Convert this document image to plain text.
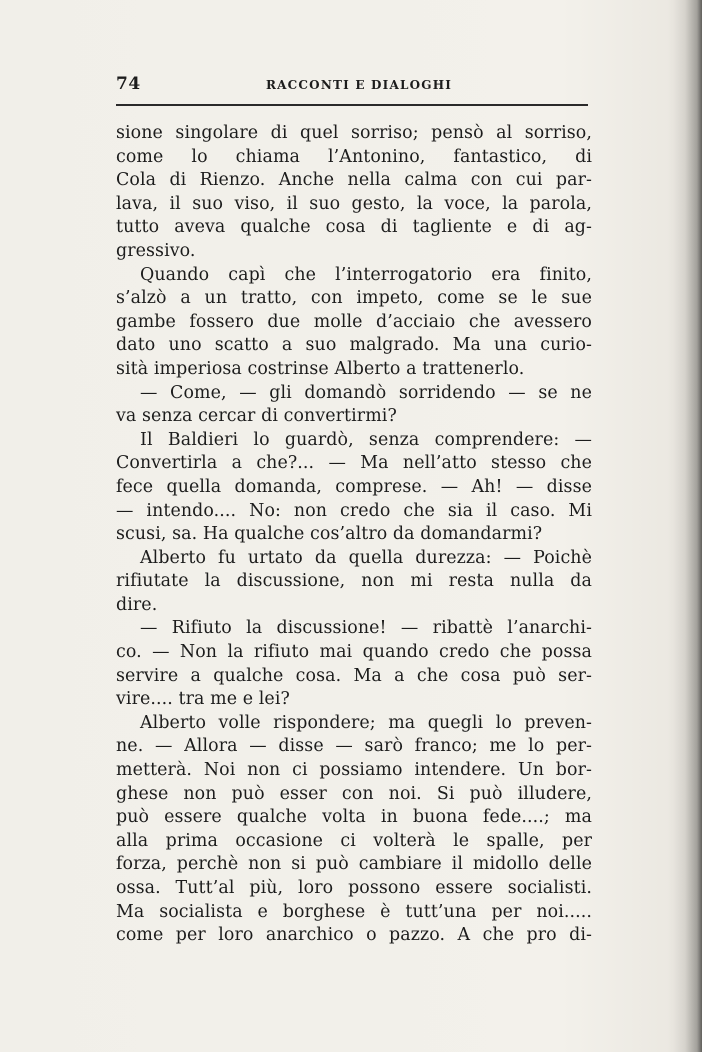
74	RACCONTI E DIALOGHI
sione singolare di quel sorriso; pensò al sorriso,
come lo chiama l’Antonino, fantastico, di
Cola di Rienzo. Anche nella calma con cui par-
lava, il suo viso, il suo gesto, la voce, la parola,
tutto aveva qualche cosa di tagliente e di ag-
gressivo.
Quando capì che l’interrogatorio era finito,
s’alzò a un tratto, con impeto, come se le sue
gambe fossero due molle d’acciaio che avessero
dato uno scatto a suo malgrado. Ma una curio-
sità imperiosa costrinse Alberto a trattenerlo.
— Come, — gli domandò sorridendo — se ne
va senza cercar di convertirmi?
Il Baldieri lo guardò, senza comprendere: —
Convertirla a che?... — Ma nell’atto stesso che
fece quella domanda, comprese. — Ah! — disse
— intendo.... No: non credo che sia il caso. Mi
scusi, sa. Ha qualche cos’altro da domandarmi?
Alberto fu urtato da quella durezza: — Poichè
rifiutate la discussione, non mi resta nulla da
dire.
— Rifiuto la discussione! — ribattè l’anarchi-
co. — Non la rifiuto mai quando credo che possa
servire a qualche cosa. Ma a che cosa può ser-
vire.... tra me e lei?
Alberto volle rispondere; ma quegli lo preven-
ne. — Allora — disse — sarò franco; me lo per-
metterà. Noi non ci possiamo intendere. Un bor-
ghese non può esser con noi. Si può illudere,
può essere qualche volta in buona fede....; ma
alla prima occasione ci volterà le spalle, per
forza, perchè non si può cambiare il midollo delle
ossa. Tutt’al più, loro possono essere socialisti.
Ma socialista e borghese è tutt’una per noi.....
come per loro anarchico o pazzo. A che pro di-
